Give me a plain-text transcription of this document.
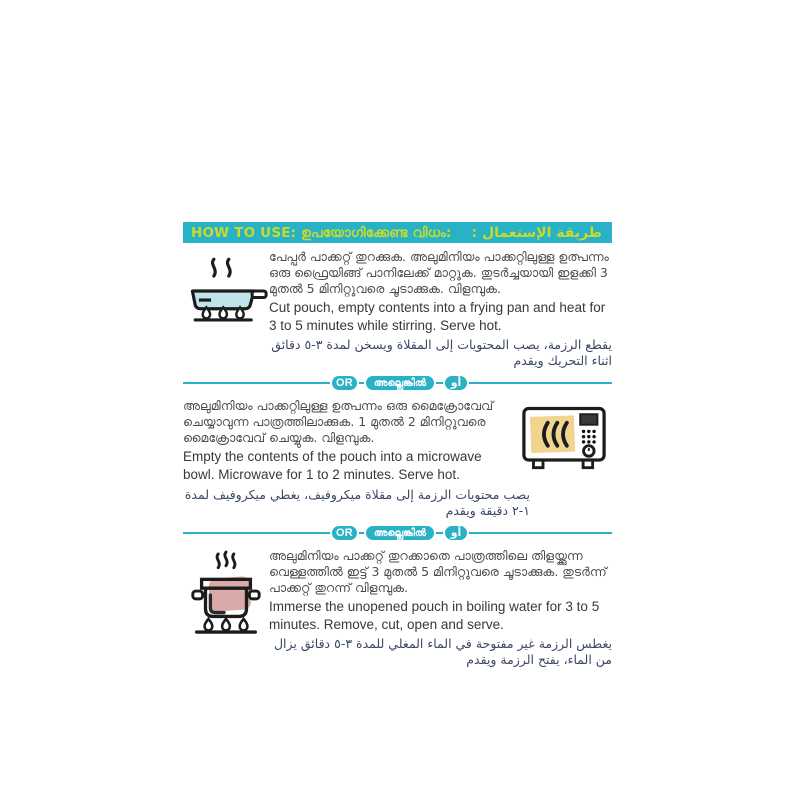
HOW TO USE: ഉപയോഗിക്കേണ്ട വിധം: طريقة الإستعمال :

പേപ്പർ പാക്കറ്റ് തുറക്കുക. അലുമിനിയം പാക്കറ്റിലുള്ള ഉത്പന്നം ഒരു ഫ്രൈയിങ്ങ് പാനിലേക്ക് മാറ്റുക. തുടർച്ചയായി ഇളക്കി 3 മുതൽ 5 മിനിറ്റുവരെ ചൂടാക്കുക. വിളമ്പുക.

Cut pouch, empty contents into a frying pan and heat for 3 to 5 minutes while stirring. Serve hot.

يقطع الرزمة، يصب المحتويات إلى المقلاة ويسخن لمدة ٣-٥ دقائق اثناء التحريك ويقدم

OR	അല്ലെങ്കിൽ	أو

അലുമിനിയം പാക്കറ്റിലുള്ള ഉത്പന്നം ഒരു മൈക്രോവേവ് ചെയ്യാവുന്ന പാത്രത്തിലാക്കുക. 1 മുതൽ 2 മിനിറ്റുവരെ മൈക്രോവേവ് ചെയ്യുക. വിളമ്പുക.

Empty the contents of the pouch into a microwave bowl. Microwave for 1 to 2 minutes. Serve hot.

يصب محتويات الرزمة إلى مقلاة ميكروفيف، يغطي ميكروفيف لمدة ١-٢ دقيقة ويقدم

OR	അല്ലെങ്കിൽ	أو

അലുമിനിയം പാക്കറ്റ് തുറക്കാതെ പാത്രത്തിലെ തിളയ്ക്കുന്ന വെള്ളത്തിൽ ഇട്ട് 3 മുതൽ 5 മിനിറ്റുവരെ ചൂടാക്കുക. തുടർന്ന് പാക്കറ്റ് തുറന്ന് വിളമ്പുക.

Immerse the unopened pouch in boiling water for 3 to 5 minutes. Remove, cut, open and serve.

يغطس الرزمة غير مفتوحة في الماء المغلي للمدة ٣-٥ دقائق يزال من الماء، يفتح الرزمة ويقدم
